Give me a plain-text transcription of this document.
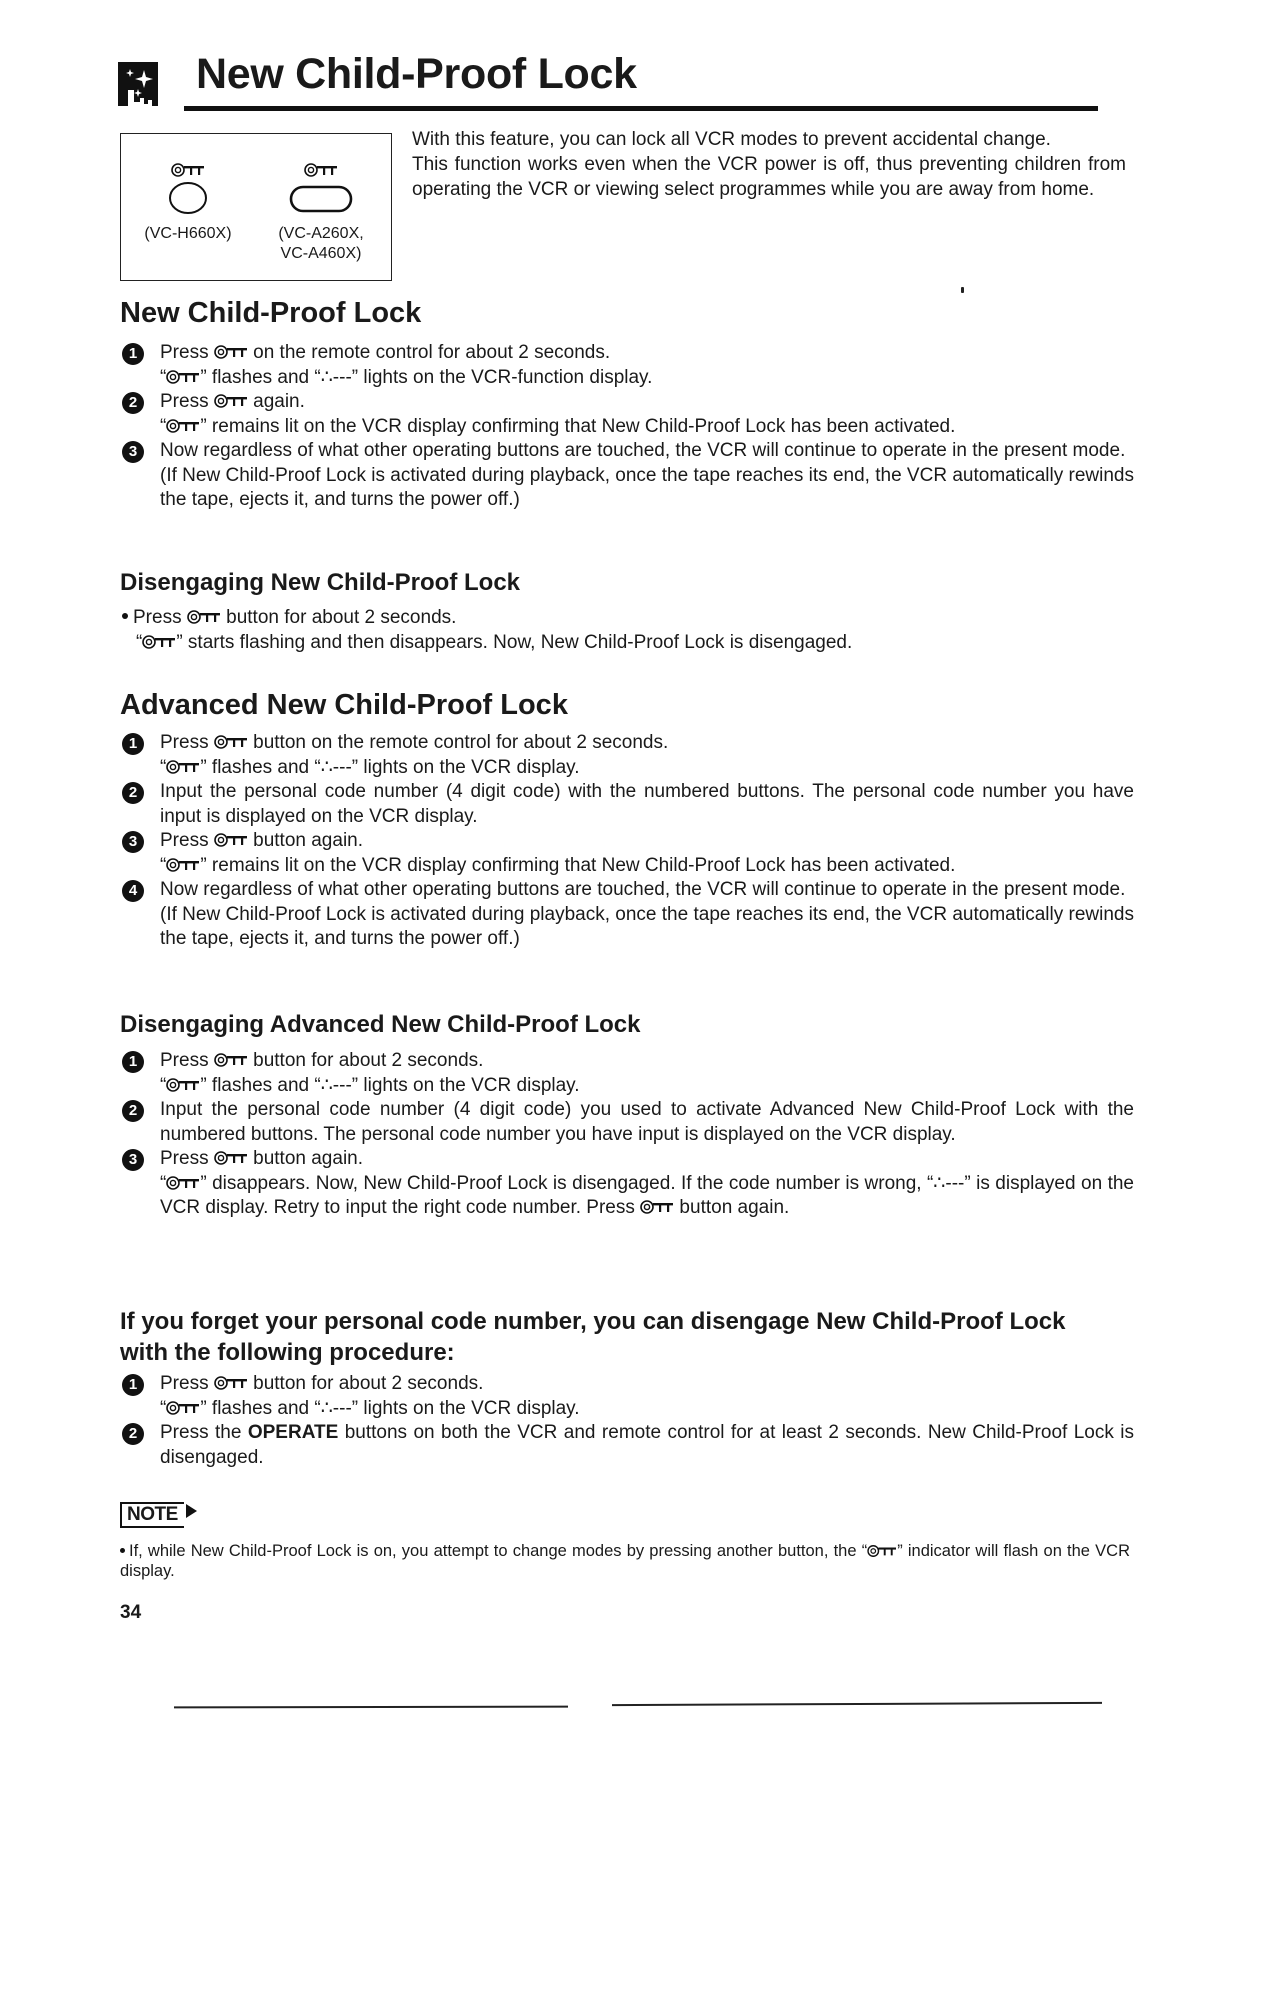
New Child-Proof Lock
(VC-H660X)	(VC-A260X,
VC-A460X)

With this feature, you can lock all VCR modes to prevent accidental change.

This function works even when the VCR power is off, thus preventing children from operating the VCR or viewing select programmes while you are away from home.

New Child-Proof Lock
1	Press  on the remote control for about 2 seconds.

“ ” flashes and “∴---” lights on the VCR-function display.

2	Press  again.

“ ” remains lit on the VCR display confirming that New Child-Proof Lock has been activated.

3	Now regardless of what other operating buttons are touched, the VCR will continue to operate in the present mode.

(If New Child-Proof Lock is activated during playback, once the tape reaches its end, the VCR automatically rewinds the tape, ejects it, and turns the power off.)

Disengaging New Child-Proof Lock

Press  button for about 2 seconds.

“ ” starts flashing and then disappears. Now, New Child-Proof Lock is disengaged.

Advanced New Child-Proof Lock
1	Press  button on the remote control for about 2 seconds.

“ ” flashes and “∴---” lights on the VCR display.

2	Input the personal code number (4 digit code) with the numbered buttons. The personal code number you have input is displayed on the VCR display.

3	Press  button again.

“ ” remains lit on the VCR display confirming that New Child-Proof Lock has been activated.

4	Now regardless of what other operating buttons are touched, the VCR will continue to operate in the present mode.

(If New Child-Proof Lock is activated during playback, once the tape reaches its end, the VCR automatically rewinds the tape, ejects it, and turns the power off.)

Disengaging Advanced New Child-Proof Lock
1	Press  button for about 2 seconds.

“ ” flashes and “∴---” lights on the VCR display.

2	Input the personal code number (4 digit code) you used to activate Advanced New Child-Proof Lock with the numbered buttons. The personal code number you have input is displayed on the VCR display.

3	Press  button again.

“ ” disappears. Now, New Child-Proof Lock is disengaged. If the code number is wrong, “∴---” is displayed on the VCR display. Retry to input the right code number. Press  button again.

If you forget your personal code number, you can disengage New Child-Proof Lock with the following procedure:
1	Press  button for about 2 seconds.

“ ” flashes and “∴---” lights on the VCR display.

2	Press the OPERATE buttons on both the VCR and remote control for at least 2 seconds. New Child-Proof Lock is disengaged.

NOTE
If, while New Child-Proof Lock is on, you attempt to change modes by pressing another button, the “ ” indicator will flash on the VCR display.
34
